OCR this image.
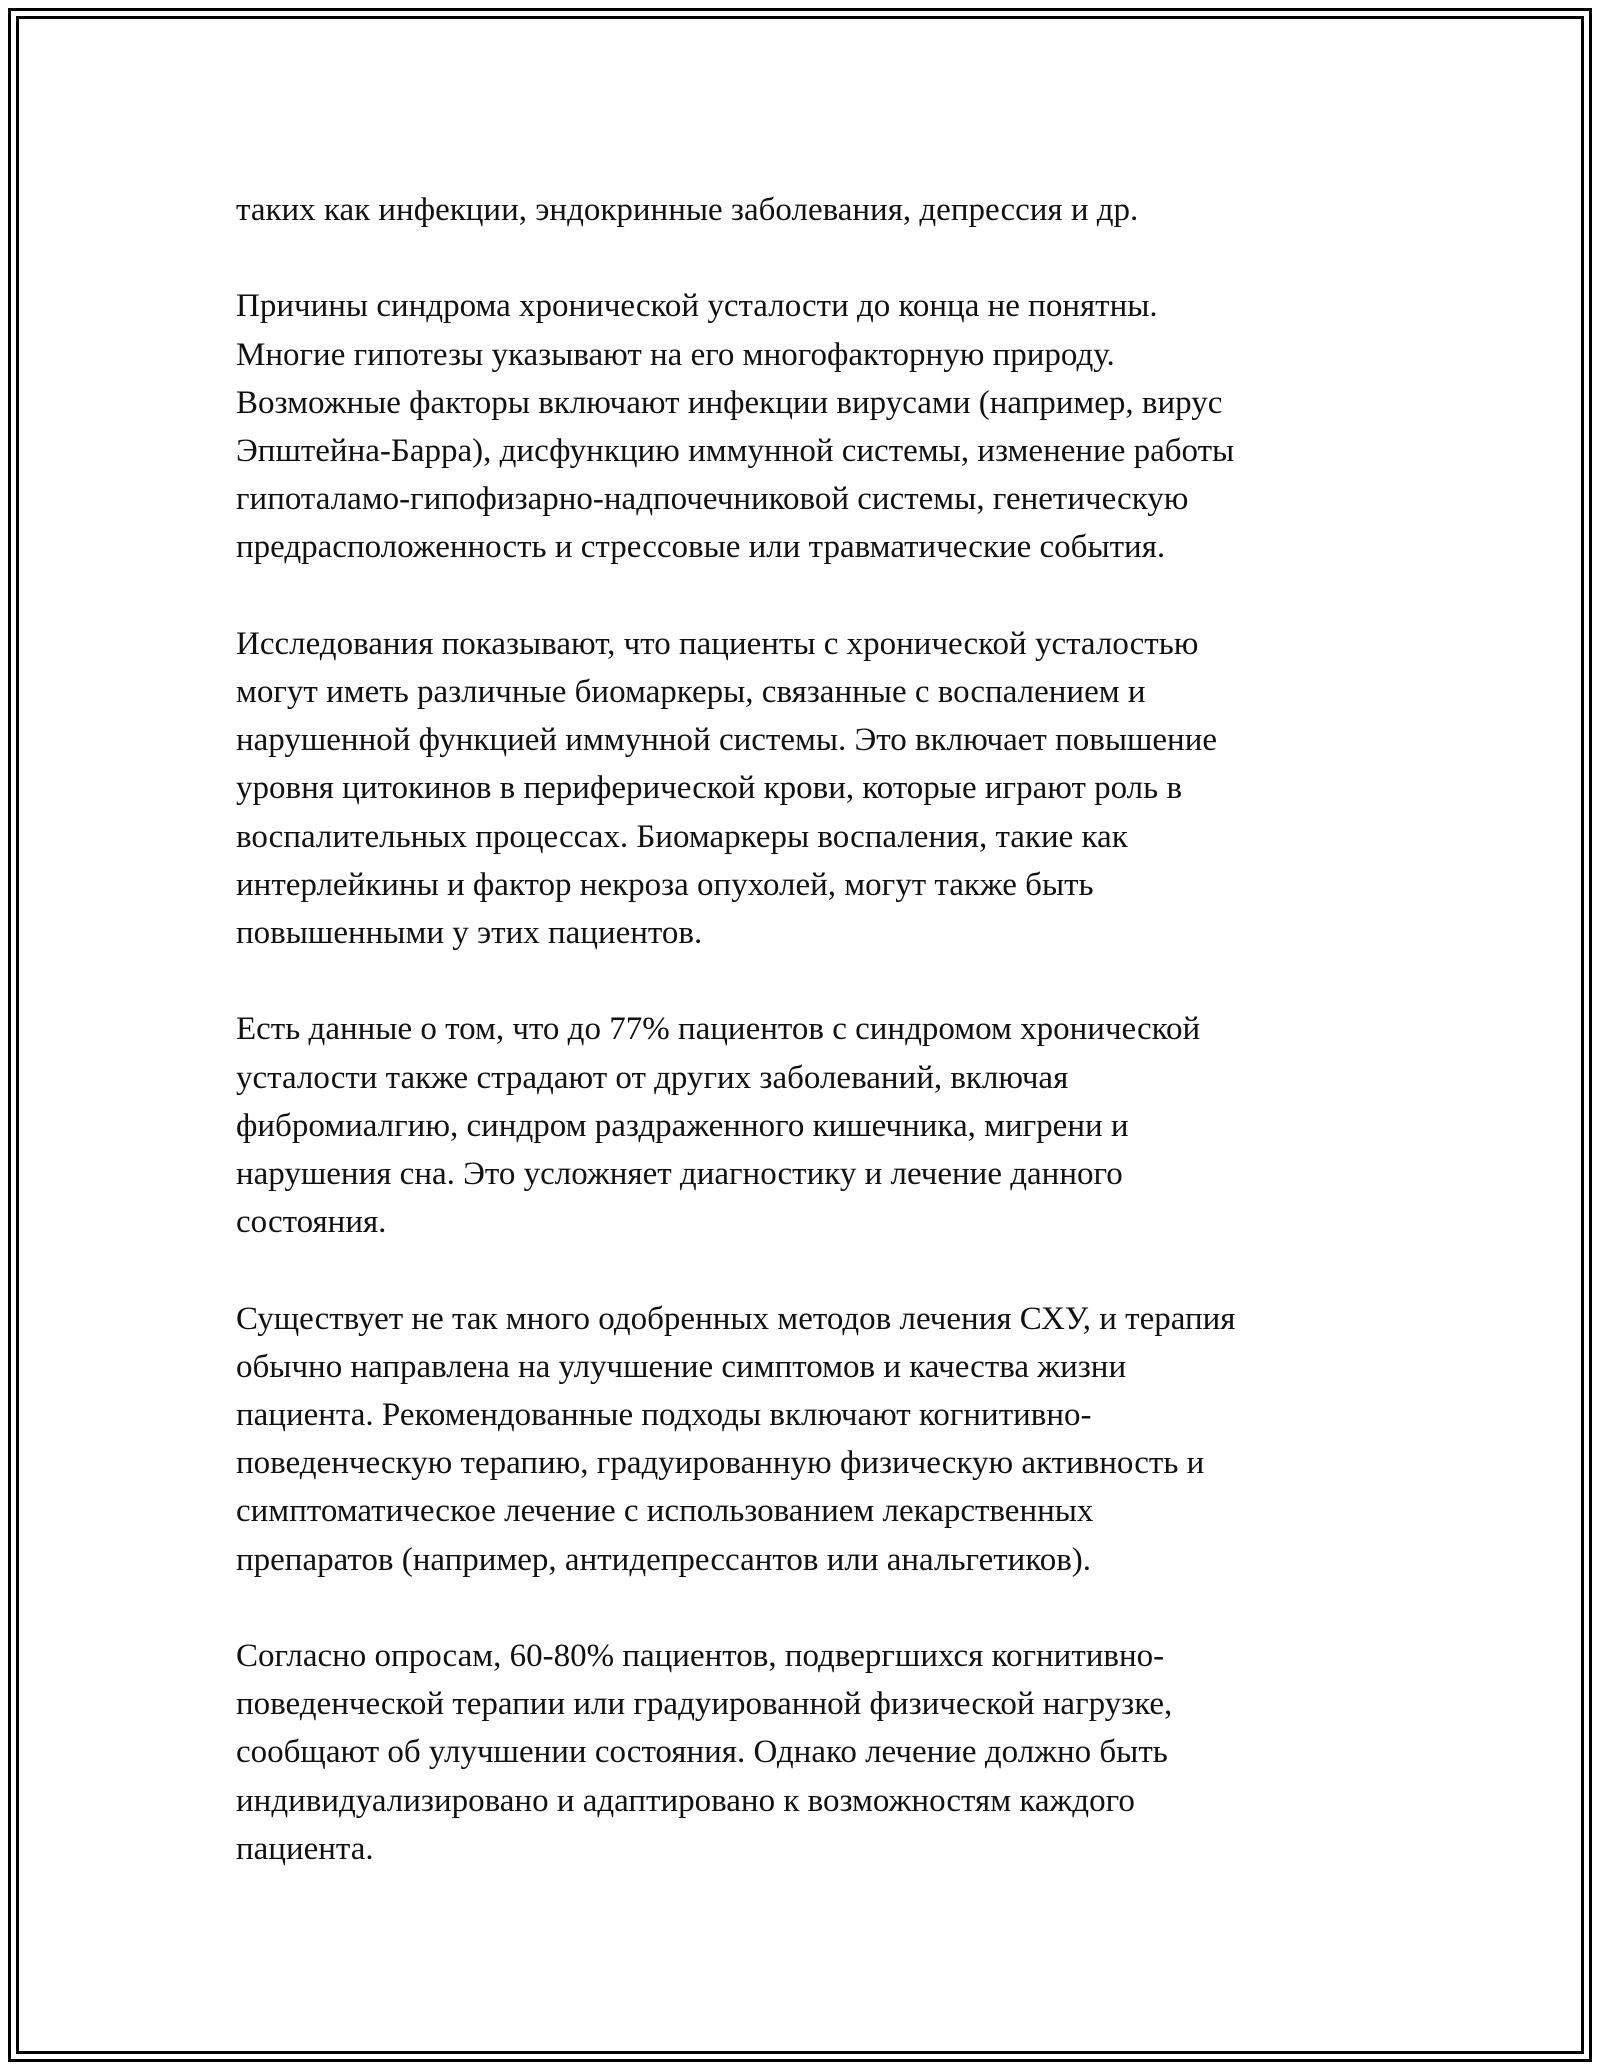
таких как инфекции, эндокринные заболевания, депрессия и др.

Причины синдрома хронической усталости до конца не понятны.
Многие гипотезы указывают на его многофакторную природу.
Возможные факторы включают инфекции вирусами (например, вирус
Эпштейна-Барра), дисфункцию иммунной системы, изменение работы
гипоталамо-гипофизарно-надпочечниковой системы, генетическую
предрасположенность и стрессовые или травматические события.

Исследования показывают, что пациенты с хронической усталостью
могут иметь различные биомаркеры, связанные с воспалением и
нарушенной функцией иммунной системы. Это включает повышение
уровня цитокинов в периферической крови, которые играют роль в
воспалительных процессах. Биомаркеры воспаления, такие как
интерлейкины и фактор некроза опухолей, могут также быть
повышенными у этих пациентов.

Есть данные о том, что до 77% пациентов с синдромом хронической
усталости также страдают от других заболеваний, включая
фибромиалгию, синдром раздраженного кишечника, мигрени и
нарушения сна. Это усложняет диагностику и лечение данного
состояния.

Существует не так много одобренных методов лечения СХУ, и терапия
обычно направлена на улучшение симптомов и качества жизни
пациента. Рекомендованные подходы включают когнитивно-
поведенческую терапию, градуированную физическую активность и
симптоматическое лечение с использованием лекарственных
препаратов (например, антидепрессантов или анальгетиков).

Согласно опросам, 60-80% пациентов, подвергшихся когнитивно-
поведенческой терапии или градуированной физической нагрузке,
сообщают об улучшении состояния. Однако лечение должно быть
индивидуализировано и адаптировано к возможностям каждого
пациента.
